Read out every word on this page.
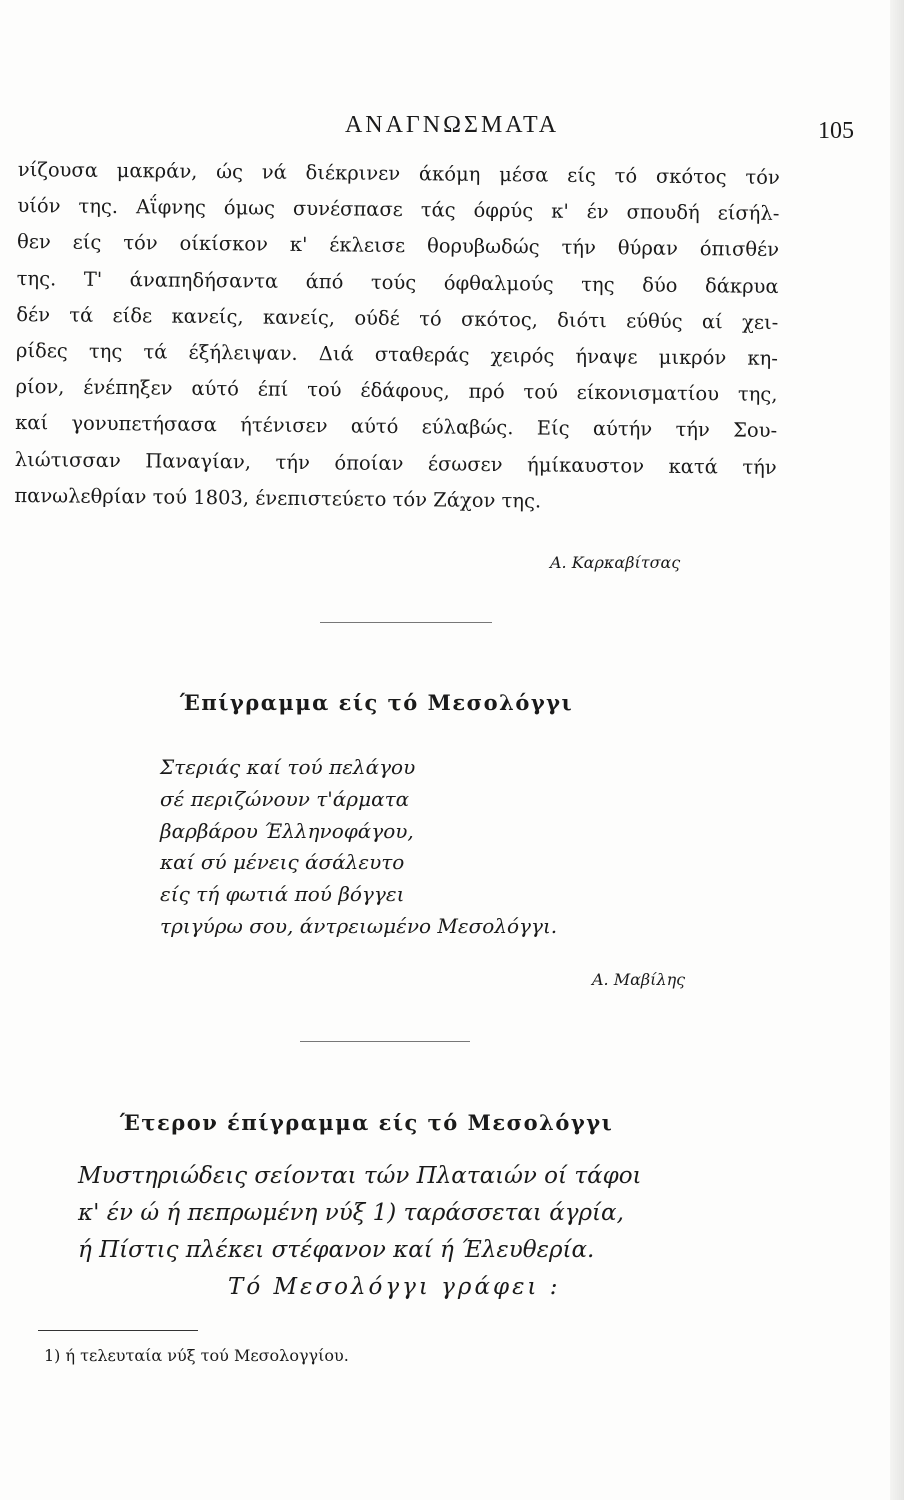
ΑΝΑΓΝΩΣΜΑΤΑ	105
νίζουσα μακράν, ώς νά διέκρινεν άκόμη μέσα είς τό σκότος τόν
υίόν της. Αΐφνης όμως συνέσπασε τάς όφρύς κ' έν σπουδή είσήλ-
θεν είς τόν οίκίσκον κ' έκλεισε θορυβωδώς τήν θύραν όπισθέν
της. Τ' άναπηδήσαντα άπό τούς όφθαλμούς της δύο δάκρυα
δέν τά είδε κανείς, κανείς, ούδέ τό σκότος, διότι εύθύς αί χει-
ρίδες της τά έξήλειψαν. Διά σταθεράς χειρός ήναψε μικρόν κη-
ρίον, ένέπηξεν αύτό έπί τού έδάφους, πρό τού είκονισματίου της,
καί γονυπετήσασα ήτένισεν αύτό εύλαβώς. Είς αύτήν τήν Σου-
λιώτισσαν Παναγίαν, τήν όποίαν έσωσεν ήμίκαυστον κατά τήν
πανωλεθρίαν τού 1803, ένεπιστεύετο τόν Ζάχον της.
Α. Καρκαβίτσας
Έπίγραμμα είς τό Μεσολόγγι
Στεριάς καί τού πελάγου
σέ περιζώνουν τ'άρματα
βαρβάρου Έλληνοφάγου,
καί σύ μένεις άσάλευτο
είς τή φωτιά πού βόγγει
τριγύρω σου, άντρειωμένο Μεσολόγγι.
Α. Μαβίλης
Έτερον έπίγραμμα είς τό Μεσολόγγι
Μυστηριώδεις σείονται τών Πλαταιών οί τάφοι
κ' έν ώ ή πεπρωμένη νύξ 1) ταράσσεται άγρία,
ή Πίστις πλέκει στέφανον καί ή Έλευθερία.
Τό Μεσολόγγι γράφει :
1) ή τελευταία νύξ τού Μεσολογγίου.
